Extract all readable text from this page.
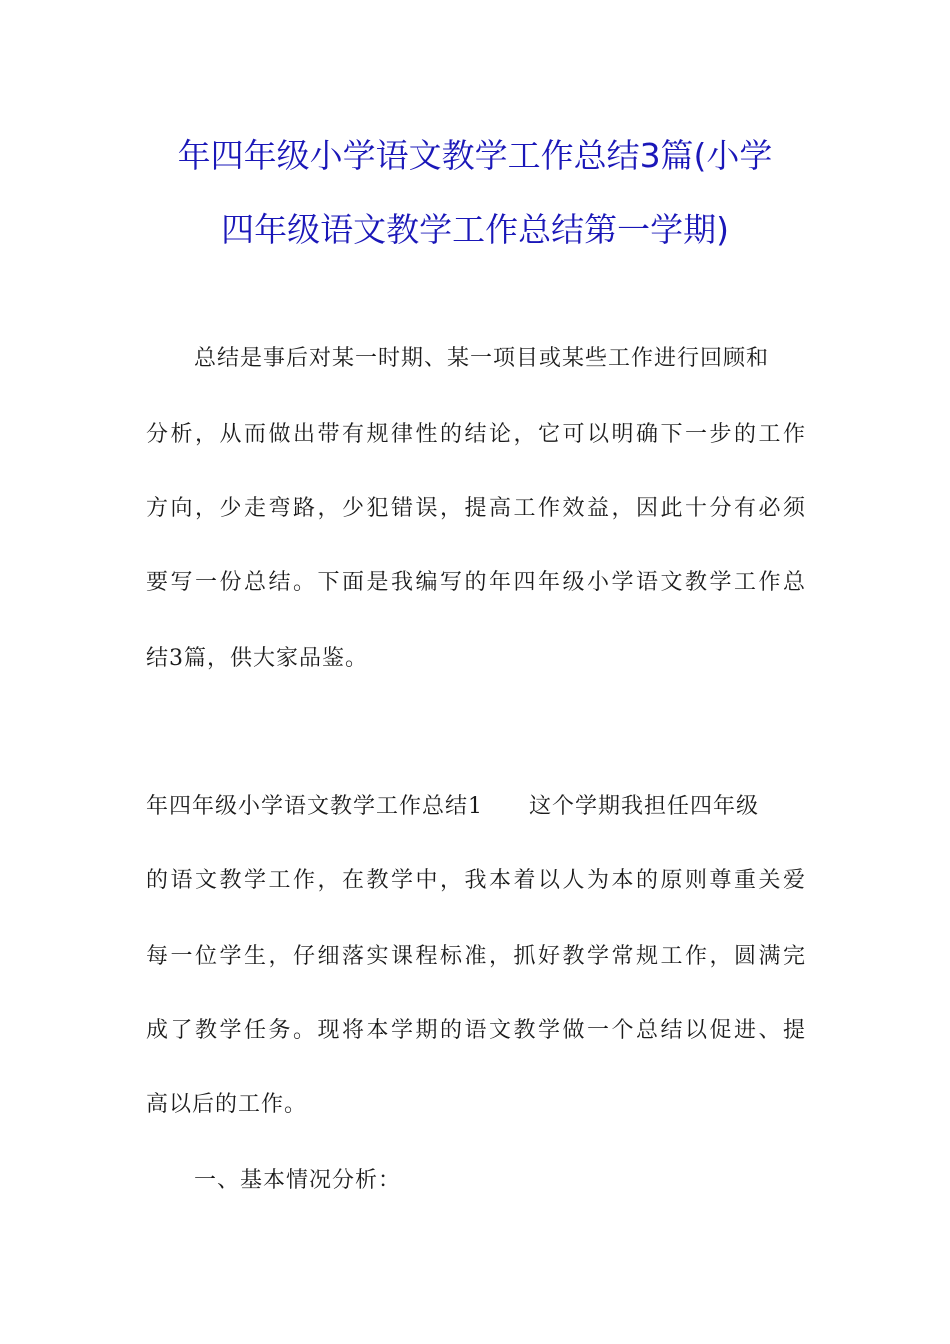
年四年级小学语文教学工作总结3篇(小学
四年级语文教学工作总结第一学期)
总结是事后对某一时期、某一项目或某些工作进行回顾和
分析，从而做出带有规律性的结论，它可以明确下一步的工作
方向，少走弯路，少犯错误，提高工作效益，因此十分有必须
要写一份总结。下面是我编写的年四年级小学语文教学工作总
结3篇，供大家品鉴。
年四年级小学语文教学工作总结1　　这个学期我担任四年级
的语文教学工作，在教学中，我本着以人为本的原则尊重关爱
每一位学生，仔细落实课程标准，抓好教学常规工作，圆满完
成了教学任务。现将本学期的语文教学做一个总结以促进、提
高以后的工作。
一、基本情况分析：
